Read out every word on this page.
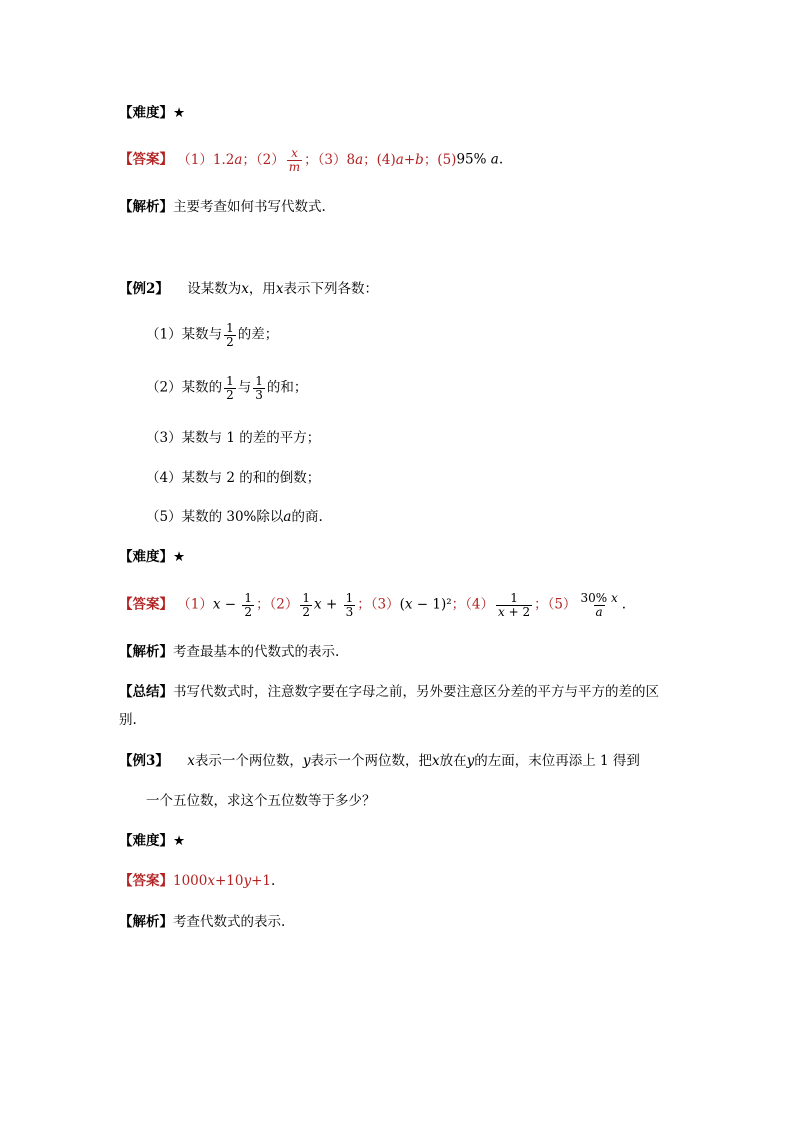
【难度】★
【答案】 （1）1.2a；$(2) \frac{x}{m}$ ；（3）8a；(4)a+b；(5)95% a.
【解析】主要考查如何书写代数式.
【例2】 设某数为x，用x表示下列各数：
（1）某数与 $\frac{1}{2}$ 的差；
（2）某数的 $\frac{1}{2}$ 与 $\frac{1}{3}$ 的和；
（3）某数与 1 的差的平方；
（4）某数与 2 的和的倒数；
（5）某数的 30%除以a的商.
【难度】★
【答案】 $(1)x - \frac{1}{2}$ ；$(2) \frac{1}{2}$ $x + \frac{1}{3}$ ；（3）(x − 1)²；$(4) \frac{1}{x + 2}$ ；$(5) \frac{30\% x}{a}$ .
【解析】考查最基本的代数式的表示.
【总结】书写代数式时，注意数字要在字母之前，另外要注意区分差的平方与平方的差的区
别.
【例3】 x表示一个两位数，y表示一个两位数，把x放在y的左面，末位再添上 1 得到
一个五位数，求这个五位数等于多少？
【难度】★
【答案】1000x+10y+1.
【解析】考查代数式的表示.
